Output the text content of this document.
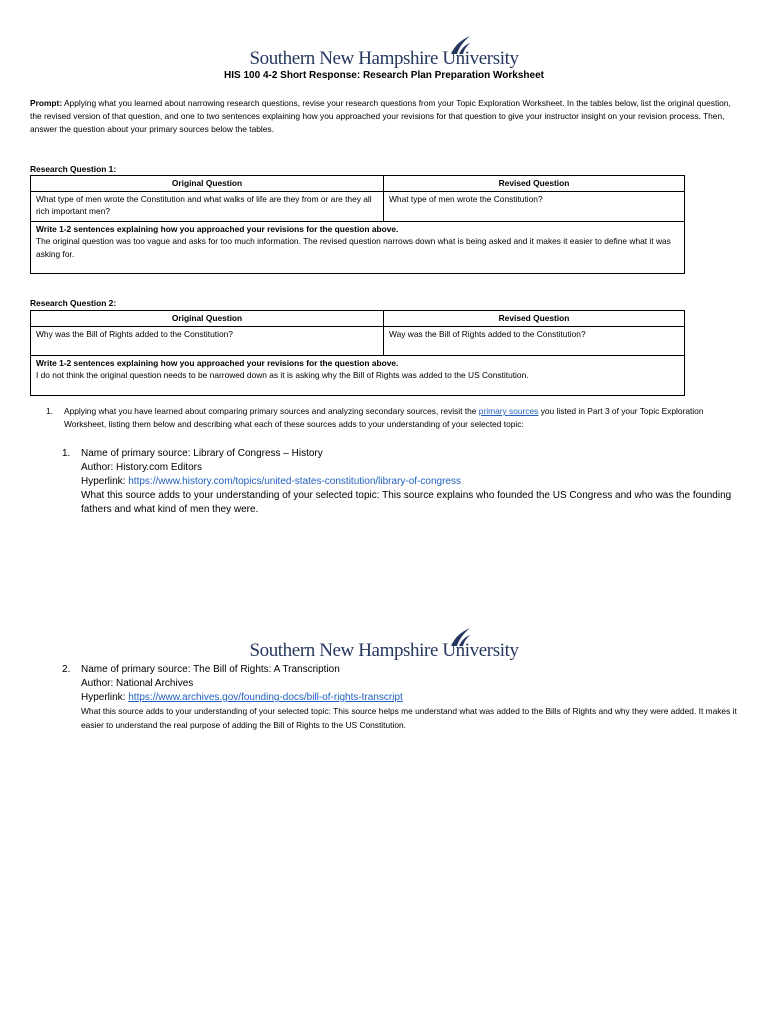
Southern New Hampshire University
HIS 100 4-2 Short Response: Research Plan Preparation Worksheet
Prompt: Applying what you learned about narrowing research questions, revise your research questions from your Topic Exploration Worksheet. In the tables below, list the original question, the revised version of that question, and one to two sentences explaining how you approached your revisions for that question to give your instructor insight on your revision process. Then, answer the question about your primary sources below the tables.
Research Question 1:
Original Question	Revised Question
What type of men wrote the Constitution and what walks of life are they from or are they all rich important men?	What type of men wrote the Constitution?
Write 1-2 sentences explaining how you approached your revisions for the question above.
The original question was too vague and asks for too much information. The revised question narrows down what is being asked and it makes it easier to define what it was asking for.	
Research Question 2:
Original Question	Revised Question
Why was the Bill of Rights added to the Constitution?	Way was the Bill of Rights added to the Constitution?
Write 1-2 sentences explaining how you approached your revisions for the question above.
I do not think the original question needs to be narrowed down as it is asking why the Bill of Rights was added to the US Constitution.	
1. Applying what you have learned about comparing primary sources and analyzing secondary sources, revisit the primary sources you listed in Part 3 of your Topic Exploration Worksheet, listing them below and describing what each of these sources adds to your understanding of your selected topic:
1. Name of primary source: Library of Congress – History
Author: History.com Editors
Hyperlink: https://www.history.com/topics/united-states-constitution/library-of-congress
What this source adds to your understanding of your selected topic: This source explains who founded the US Congress and who was the founding fathers and what kind of men they were.
Southern New Hampshire University
2. Name of primary source: The Bill of Rights: A Transcription
Author: National Archives
Hyperlink: https://www.archives.gov/founding-docs/bill-of-rights-transcript
What this source adds to your understanding of your selected topic: This source helps me understand what was added to the Bills of Rights and why they were added. It makes it easier to understand the real purpose of adding the Bill of Rights to the US Constitution.
